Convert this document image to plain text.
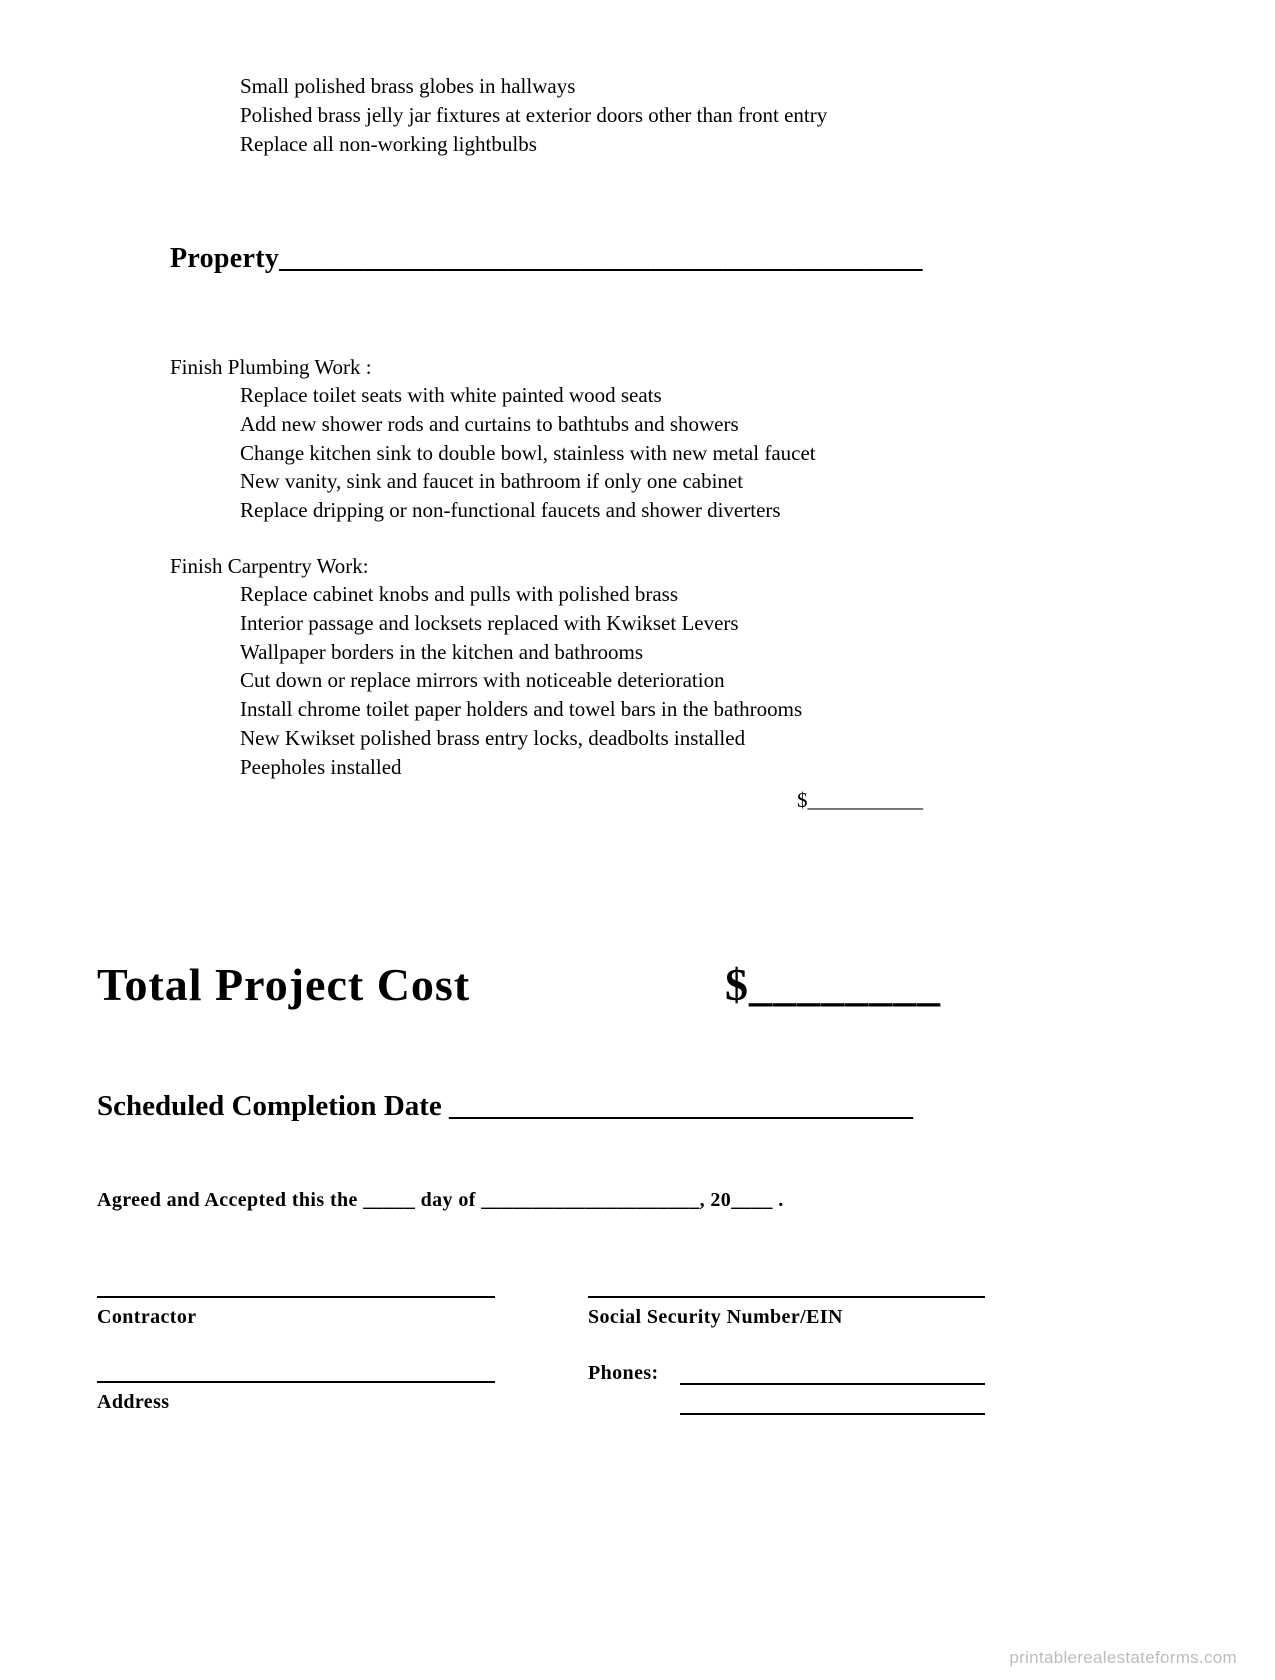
Small polished brass globes in hallways
Polished brass jelly jar fixtures at exterior doors other than front entry
Replace all non-working lightbulbs
Property_____________________________________________
Finish Plumbing Work :
Replace toilet seats with white painted wood seats
Add new shower rods and curtains to bathtubs and showers
Change kitchen sink to double bowl, stainless with new metal faucet
New vanity, sink and faucet in bathroom if only one cabinet
Replace dripping or non-functional faucets and shower diverters
Finish Carpentry Work:
Replace cabinet knobs and pulls with polished brass
Interior passage and locksets replaced with Kwikset Levers
Wallpaper borders in the kitchen and bathrooms
Cut down or replace mirrors with noticeable deterioration
Install chrome toilet paper holders and towel bars in the bathrooms
New Kwikset polished brass entry locks, deadbolts installed
Peepholes installed
$___________
Total Project Cost	$________
Scheduled Completion Date ________________________________
Agreed and Accepted this the _____ day of _____________________, 20____ .
Contractor	Social Security Number/EIN
Phones:
Address
printablerealestateforms.com
